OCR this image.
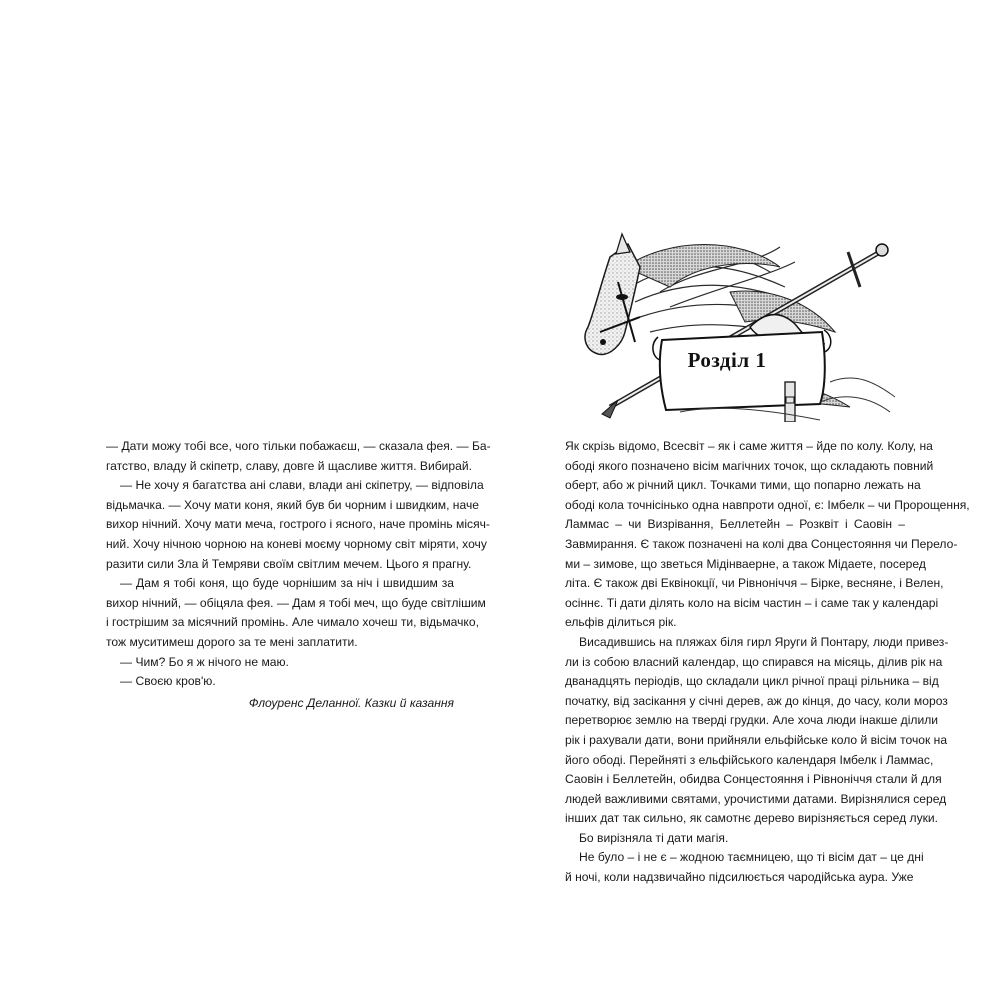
— Дати можу тобі все, чого тільки побажаєш, — сказала фея. — Ба-
гатство, владу й скіпетр, славу, довге й щасливе життя. Вибирай.
— Не хочу я багатства ані слави, влади ані скіпетру, — відповіла
відьмачка. — Хочу мати коня, який був би чорним і швидким, наче
вихор нічний. Хочу мати меча, гострого і ясного, наче промінь місяч-
ний. Хочу нічною чорною на коневі моєму чорному світ міряти, хочу
разити сили Зла й Темряви своїм світлим мечем. Цього я прагну.
— Дам я тобі коня, що буде чорнішим за ніч і швидшим за
вихор нічний, — обіцяла фея. — Дам я тобі меч, що буде світлішим
і гострішим за місячний промінь. Але чимало хочеш ти, відьмачко,
тож муситимеш дорого за те мені заплатити.
— Чим? Бо я ж нічого не маю.
— Своєю кров'ю.
Флоуренс Деланної. Казки й казання
Розділ 1
Як скрізь відомо, Всесвіт – як і саме життя – йде по колу. Колу, на
ободі якого позначено вісім магічних точок, що складають повний
оберт, або ж річний цикл. Точками тими, що попарно лежать на
ободі кола точнісінько одна навпроти одної, є: Імбелк – чи Пророщення,
Ламмас – чи Визрівання, Беллетейн – Розквіт і Саовін –
Завмирання. Є також позначені на колі два Сонцестояння чи Перело-
ми – зимове, що зветься Мідінваерне, а також Мідаете, посеред
літа. Є також дві Еквінокції, чи Рівноніччя – Бірке, весняне, і Велен,
осіннє. Ті дати ділять коло на вісім частин – і саме так у календарі
ельфів ділиться рік.
Висадившись на пляжах біля гирл Яруги й Понтару, люди привез-
ли із собою власний календар, що спирався на місяць, ділив рік на
дванадцять періодів, що складали цикл річної праці рільника – від
початку, від засікання у січні дерев, аж до кінця, до часу, коли мороз
перетворює землю на тверді грудки. Але хоча люди інакше ділили
рік і рахували дати, вони прийняли ельфійське коло й вісім точок на
його ободі. Перейняті з ельфійського календаря Імбелк і Ламмас,
Саовін і Беллетейн, обидва Сонцестояння і Рівноніччя стали й для
людей важливими святами, урочистими датами. Вирізнялися серед
інших дат так сильно, як самотнє дерево вирізняється серед луки.
Бо вирізняла ті дати магія.
Не було – і не є – жодною таємницею, що ті вісім дат – це дні
й ночі, коли надзвичайно підсилюється чародійська аура. Уже
